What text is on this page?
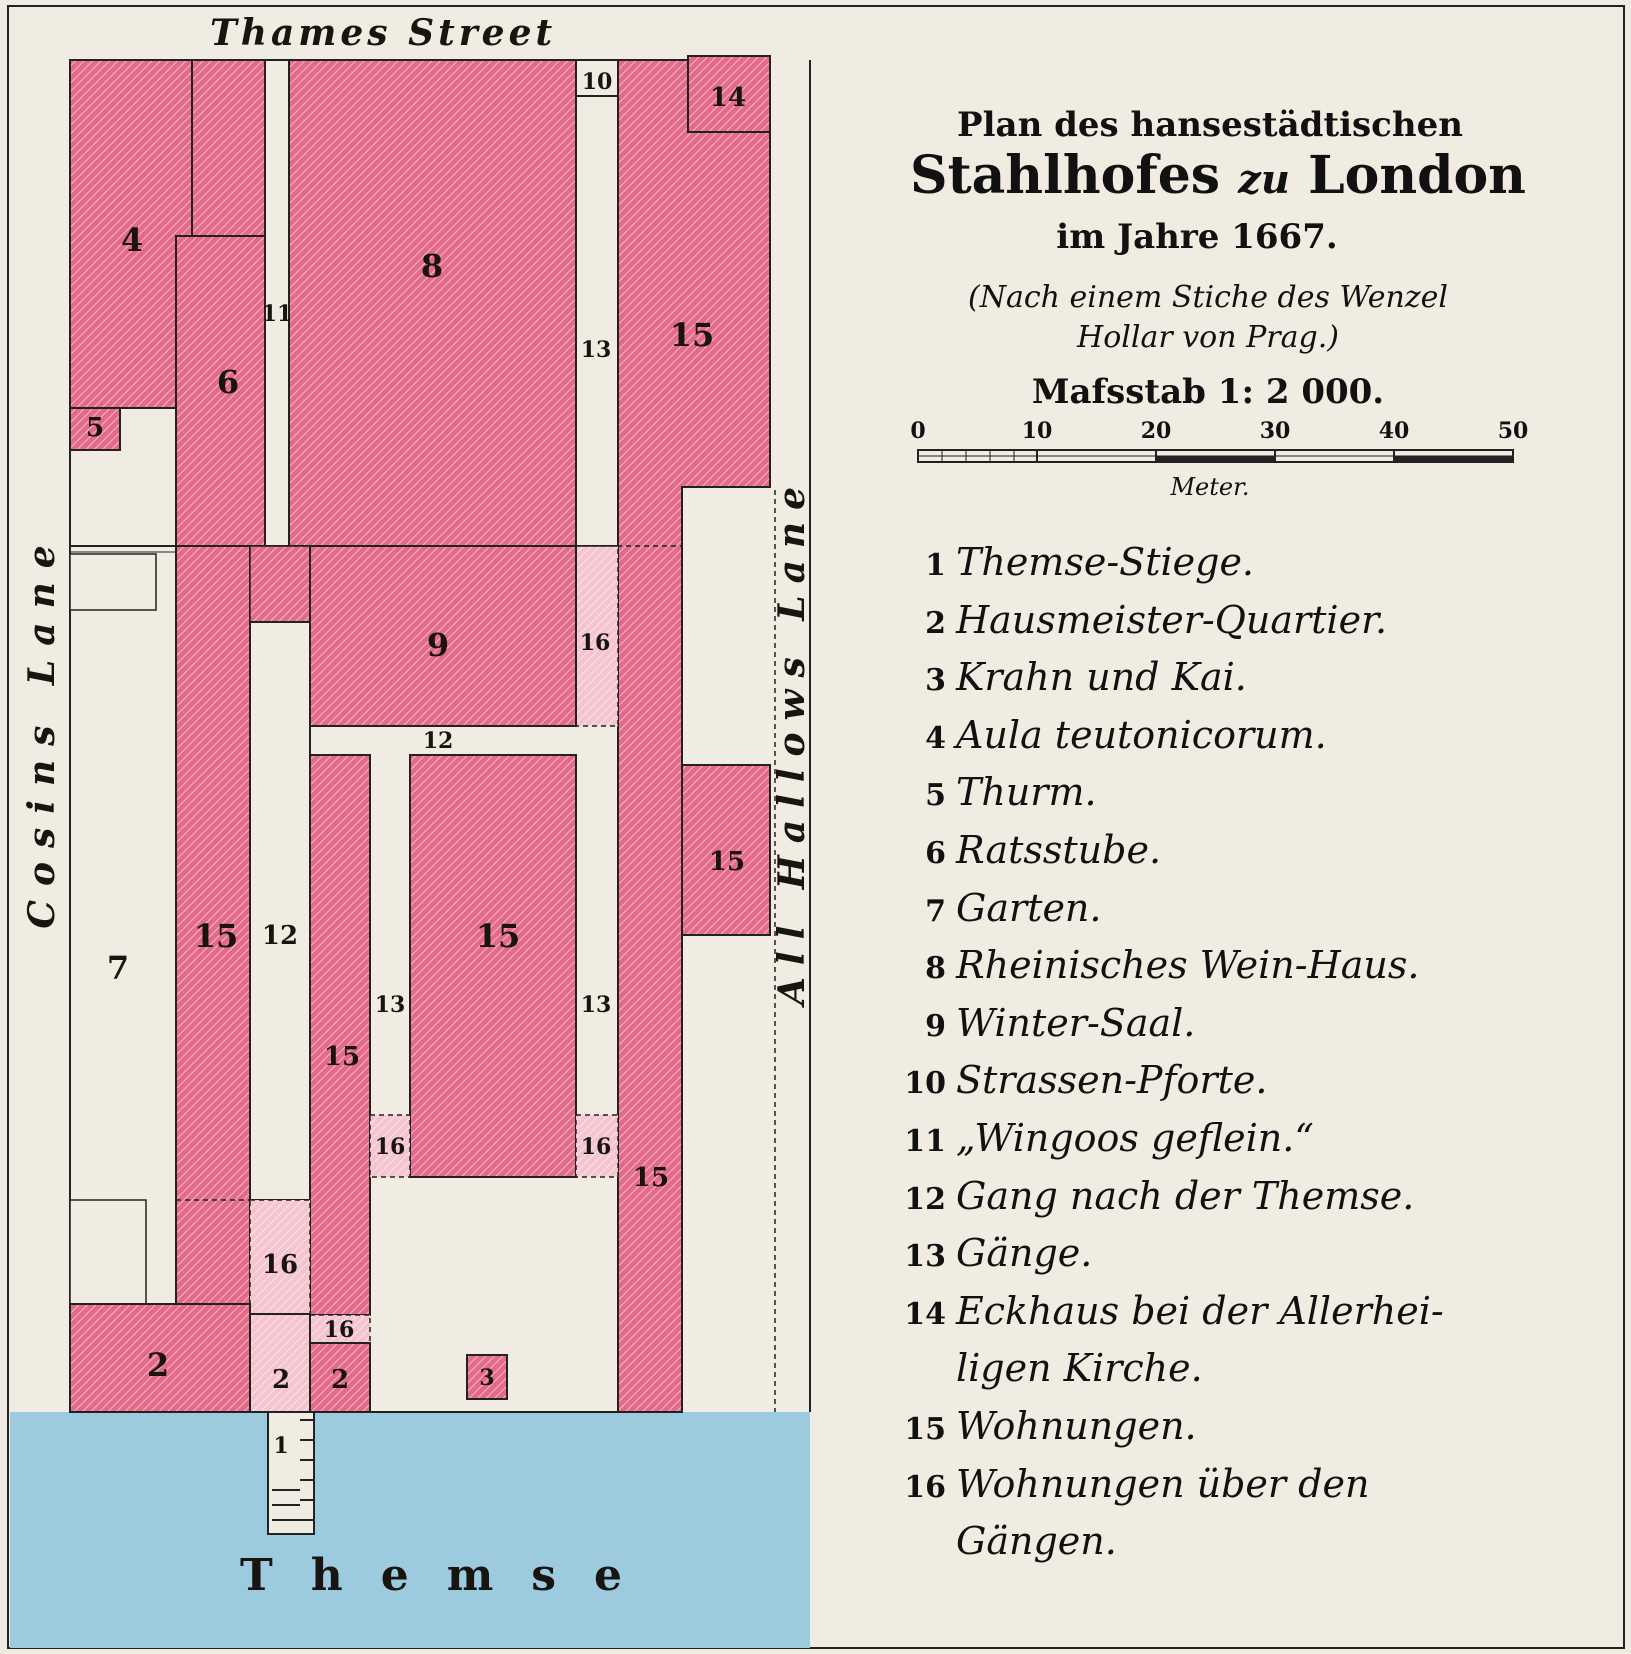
Thames Street
Cosins Lane	All Hallows Lane
Themse
4
5
6
7
8
9
10
11
12
12
13
13	13
14
15
15
15	15
15
15
16
16	16
16
16
2	2 2	3
1
Plan des hansestädtischen
Stahlhofes zu London
im Jahre 1667.
(Nach einem Stiche des Wenzel
Hollar von Prag.)
Mafsstab 1: 2 000.
0	10	20	30	40	50
Meter.
1 Themse-Stiege.
2 Hausmeister-Quartier.
3 Krahn und Kai.
4 Aula teutonicorum.
5 Thurm.
6 Ratsstube.
7 Garten.
8 Rheinisches Wein-Haus.
9 Winter-Saal.
10 Strassen-Pforte.
11 „Wingoos geflein.“
12 Gang nach der Themse.
13 Gänge.
14 Eckhaus bei der Allerhei-
ligen Kirche.
15 Wohnungen.
16 Wohnungen über den
Gängen.
